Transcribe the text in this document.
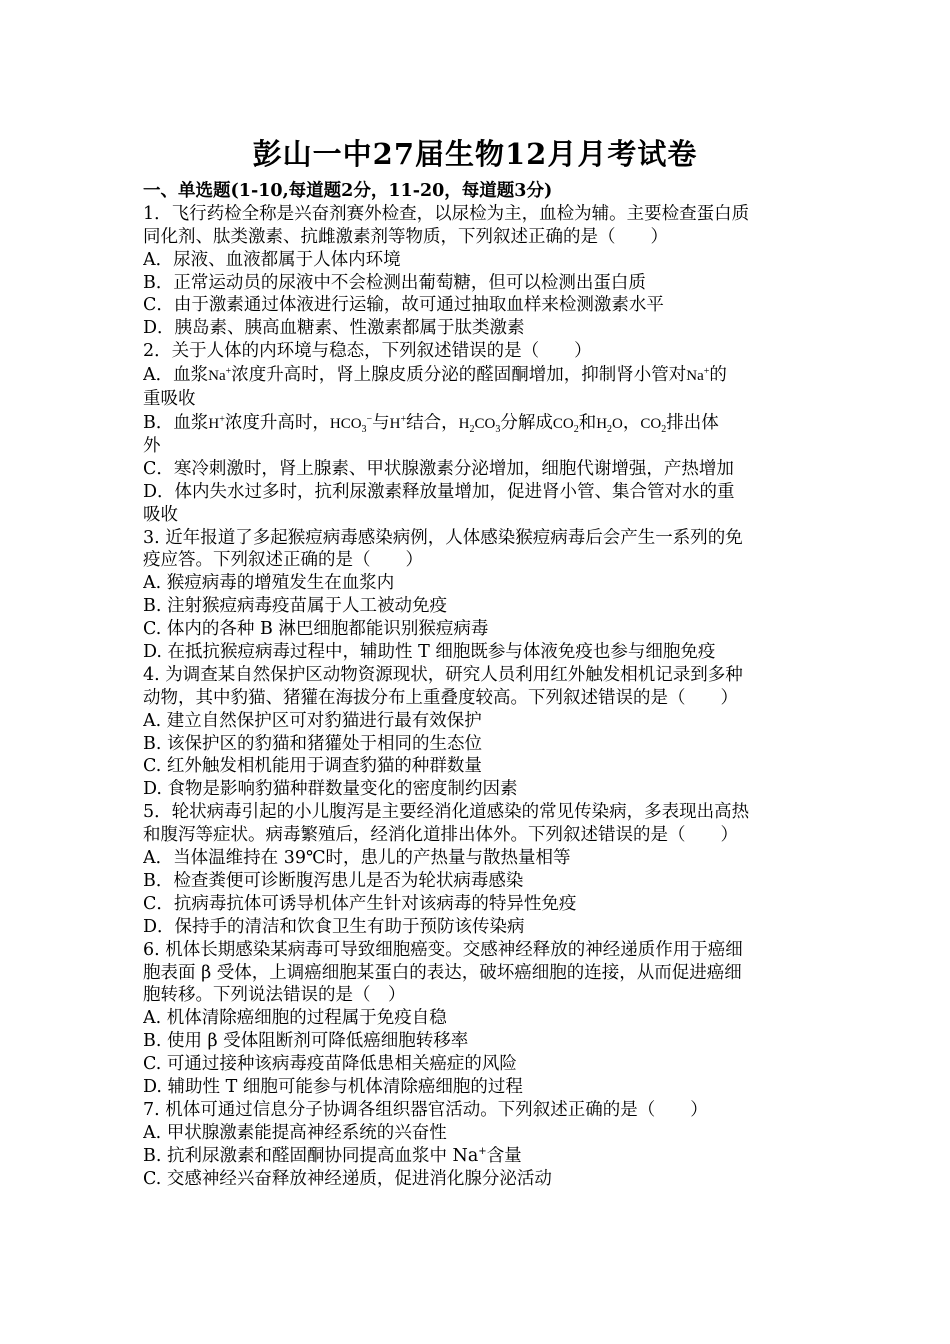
彭山一中27届生物12月月考试卷
一、单选题(1-10,每道题2分，11-20，每道题3分)
1．飞行药检全称是兴奋剂赛外检查，以尿检为主，血检为辅。主要检查蛋白质
同化剂、肽类激素、抗雌激素剂等物质，下列叙述正确的是（　　）
A．尿液、血液都属于人体内环境
B．正常运动员的尿液中不会检测出葡萄糖，但可以检测出蛋白质
C．由于激素通过体液进行运输，故可通过抽取血样来检测激素水平
D．胰岛素、胰高血糖素、性激素都属于肽类激素
2．关于人体的内环境与稳态，下列叙述错误的是（　　）
A．血浆Na+浓度升高时，肾上腺皮质分泌的醛固酮增加，抑制肾小管对Na+的
重吸收
B．血浆H+浓度升高时，$HCO_3^-$与H+结合，$H_2CO_3$分解成$CO_2$和$H_2O$，$CO_2$排出体
外
C．寒冷刺激时，肾上腺素、甲状腺激素分泌增加，细胞代谢增强，产热增加
D．体内失水过多时，抗利尿激素释放量增加，促进肾小管、集合管对水的重
吸收
3. 近年报道了多起猴痘病毒感染病例，人体感染猴痘病毒后会产生一系列的免
疫应答。下列叙述正确的是（　　）
A. 猴痘病毒的增殖发生在血浆内
B. 注射猴痘病毒疫苗属于人工被动免疫
C. 体内的各种 B 淋巴细胞都能识别猴痘病毒
D. 在抵抗猴痘病毒过程中，辅助性 T 细胞既参与体液免疫也参与细胞免疫
4. 为调查某自然保护区动物资源现状，研究人员利用红外触发相机记录到多种
动物，其中豹猫、猪獾在海拔分布上重叠度较高。下列叙述错误的是（　　）
A. 建立自然保护区可对豹猫进行最有效保护
B. 该保护区的豹猫和猪獾处于相同的生态位
C. 红外触发相机能用于调查豹猫的种群数量
D. 食物是影响豹猫种群数量变化的密度制约因素
5．轮状病毒引起的小儿腹泻是主要经消化道感染的常见传染病，多表现出高热
和腹泻等症状。病毒繁殖后，经消化道排出体外。下列叙述错误的是（　　）
A．当体温维持在 39℃时，患儿的产热量与散热量相等
B．检查粪便可诊断腹泻患儿是否为轮状病毒感染
C．抗病毒抗体可诱导机体产生针对该病毒的特异性免疫
D．保持手的清洁和饮食卫生有助于预防该传染病
6. 机体长期感染某病毒可导致细胞癌变。交感神经释放的神经递质作用于癌细
胞表面 β 受体，上调癌细胞某蛋白的表达，破坏癌细胞的连接，从而促进癌细
胞转移。下列说法错误的是（　）
A. 机体清除癌细胞的过程属于免疫自稳
B. 使用 β 受体阻断剂可降低癌细胞转移率
C. 可通过接种该病毒疫苗降低患相关癌症的风险
D. 辅助性 T 细胞可能参与机体清除癌细胞的过程
7. 机体可通过信息分子协调各组织器官活动。下列叙述正确的是（　　）
A. 甲状腺激素能提高神经系统的兴奋性
B. 抗利尿激素和醛固酮协同提高血浆中 Na+含量
C. 交感神经兴奋释放神经递质，促进消化腺分泌活动
